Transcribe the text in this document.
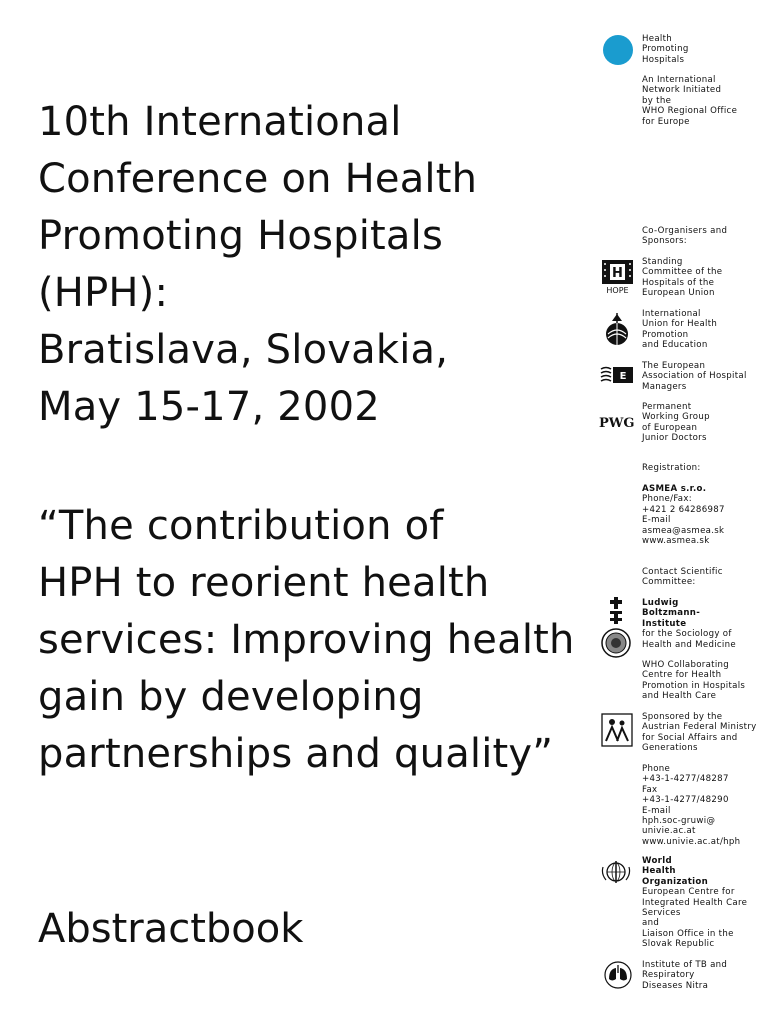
10th International
Conference on Health
Promoting Hospitals
(HPH):
Bratislava, Slovakia,
May 15-17, 2002
“The contribution of
HPH to reorient health
services: Improving health
gain by developing
partnerships and quality”
Abstractbook
Health
Promoting
Hospitals
An International
Network Initiated
by the
WHO Regional Office
for Europe
Co-Organisers and
Sponsors:
H
HOPE
Standing
Committee of the
Hospitals of the
European Union
International
Union for Health
Promotion
and Education
E
The European
Association of Hospital
Managers
PWG
Permanent
Working Group
of European
Junior Doctors
Registration:
ASMEA s.r.o.
Phone/Fax:
+421 2 64286987
E-mail
asmea@asmea.sk
www.asmea.sk
Contact Scientific
Committee:
Ludwig
Boltzmann-
Institute
for the Sociology of
Health and Medicine
WHO Collaborating
Centre for Health
Promotion in Hospitals
and Health Care
Sponsored by the
Austrian Federal Ministry
for Social Affairs and
Generations
Phone
+43-1-4277/48287
Fax
+43-1-4277/48290
E-mail
hph.soc-gruwi@
univie.ac.at
www.univie.ac.at/hph
World
Health
Organization
European Centre for
Integrated Health Care
Services
and
Liaison Office in the
Slovak Republic
Institute of TB and
Respiratory
Diseases Nitra
